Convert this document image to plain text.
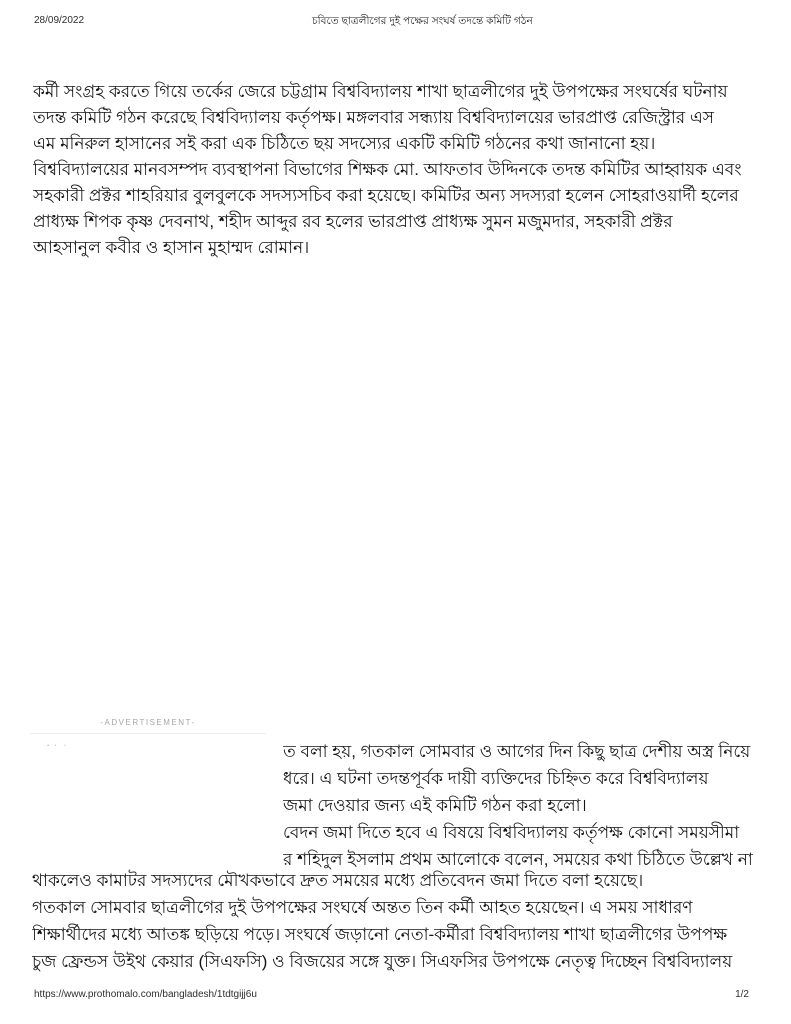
28/09/2022	চবিতে ছাত্রলীগের দুই পক্ষের সংঘর্ষ তদন্তে কমিটি গঠন
কর্মী সংগ্রহ করতে গিয়ে তর্কের জেরে চট্টগ্রাম বিশ্ববিদ্যালয় শাখা ছাত্রলীগের দুই উপপক্ষের সংঘর্ষের ঘটনায়
তদন্ত কমিটি গঠন করেছে বিশ্ববিদ্যালয় কর্তৃপক্ষ। মঙ্গলবার সন্ধ্যায় বিশ্ববিদ্যালয়ের ভারপ্রাপ্ত রেজিস্ট্রার এস
এম মনিরুল হাসানের সই করা এক চিঠিতে ছয় সদস্যের একটি কমিটি গঠনের কথা জানানো হয়।
বিশ্ববিদ্যালয়ের মানবসম্পদ ব্যবস্থাপনা বিভাগের শিক্ষক মো. আফতাব উদ্দিনকে তদন্ত কমিটির আহ্বায়ক এবং
সহকারী প্রক্টর শাহরিয়ার বুলবুলকে সদস্যসচিব করা হয়েছে। কমিটির অন্য সদস্যরা হলেন সোহরাওয়ার্দী হলের
প্রাধ্যক্ষ শিপক কৃষ্ণ দেবনাথ, শহীদ আব্দুর রব হলের ভারপ্রাপ্ত প্রাধ্যক্ষ সুমন মজুমদার, সহকারী প্রক্টর
আহসানুল কবীর ও হাসান মুহাম্মদ রোমান।
-ADVERTISEMENT-
ত বলা হয়, গতকাল সোমবার ও আগের দিন কিছু ছাত্র দেশীয় অস্ত্র নিয়ে
ধরে। এ ঘটনা তদন্তপূর্বক দায়ী ব্যক্তিদের চিহ্নিত করে বিশ্ববিদ্যালয়
জমা দেওয়ার জন্য এই কমিটি গঠন করা হলো।
বেদন জমা দিতে হবে এ বিষয়ে বিশ্ববিদ্যালয় কর্তৃপক্ষ কোনো সময়সীমা
র শহিদুল ইসলাম প্রথম আলোকে বলেন, সময়ের কথা চিঠিতে উল্লেখ না
থাকলেও কামাটর সদস্যদের মৌখকভাবে দ্রুত সময়ের মধ্যে প্রতিবেদন জমা দিতে বলা হয়েছে।
গতকাল সোমবার ছাত্রলীগের দুই উপপক্ষের সংঘর্ষে অন্তত তিন কর্মী আহত হয়েছেন। এ সময় সাধারণ
শিক্ষার্থীদের মধ্যে আতঙ্ক ছড়িয়ে পড়ে। সংঘর্ষে জড়ানো নেতা-কর্মীরা বিশ্ববিদ্যালয় শাখা ছাত্রলীগের উপপক্ষ
চুজ ফ্রেন্ডস উইথ কেয়ার (সিএফসি) ও বিজয়ের সঙ্গে যুক্ত। সিএফসির উপপক্ষে নেতৃত্ব দিচ্ছেন বিশ্ববিদ্যালয়
https://www.prothomalo.com/bangladesh/1tdtgijj6u	1/2
